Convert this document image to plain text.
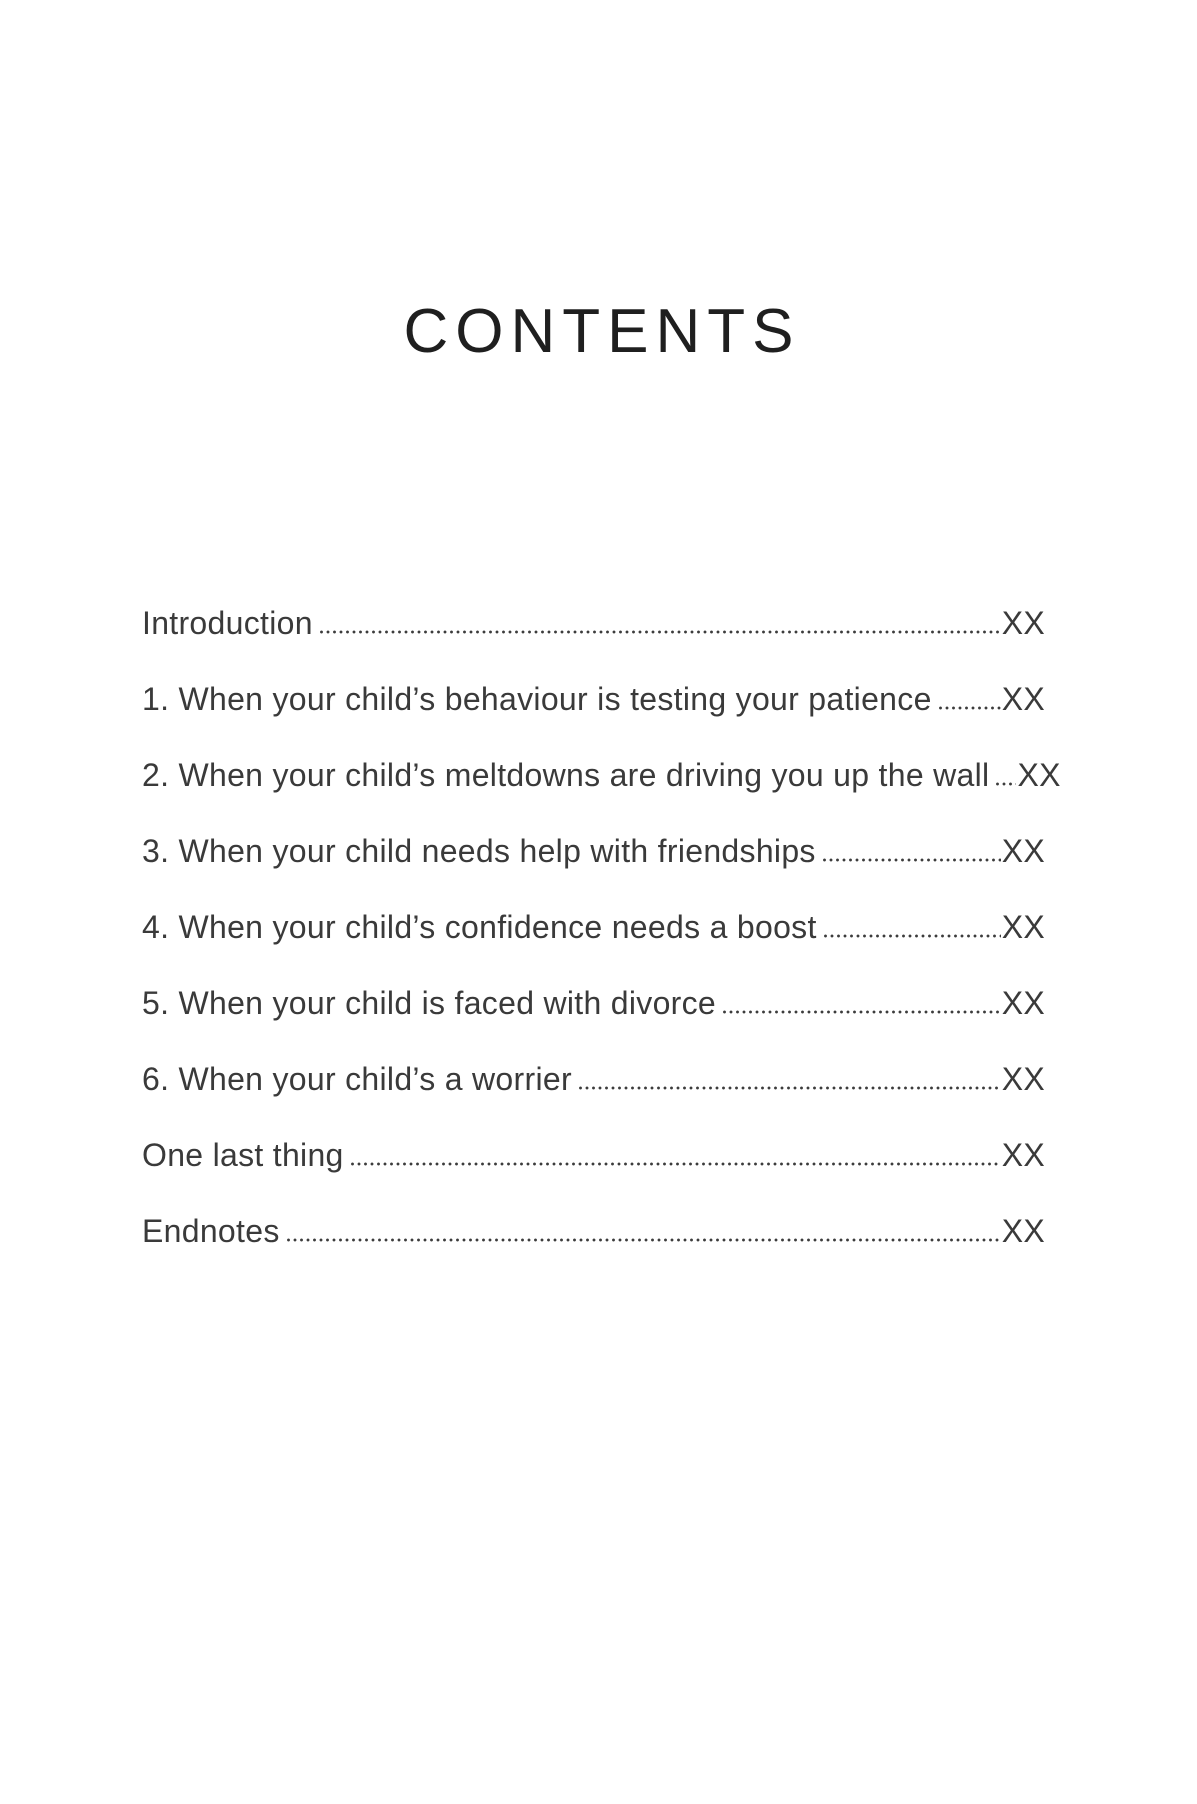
CONTENTS
Introduction	XX
1. When your child’s behaviour is testing your patience XX
2. When your child’s meltdowns are driving you up the wall XX
3. When your child needs help with friendships	XX
4. When your child’s confidence needs a boost	XX
5. When your child is faced with divorce	XX
6. When your child’s a worrier	XX
One last thing	XX
Endnotes	XX
